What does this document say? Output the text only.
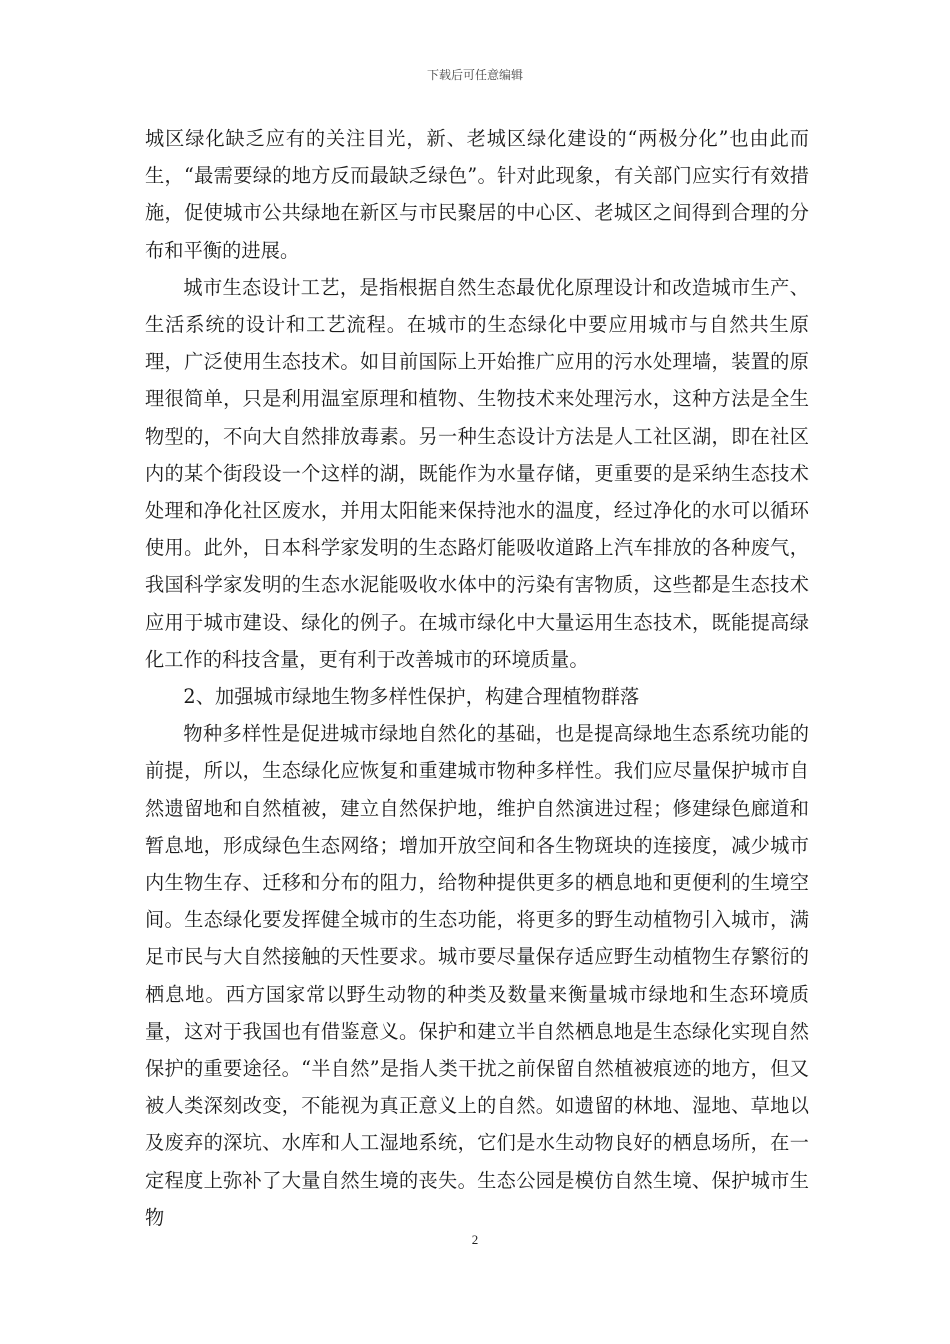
下载后可任意编辑

城区绿化缺乏应有的关注目光，新、老城区绿化建设的“两极分化”也由此而生，“最需要绿的地方反而最缺乏绿色”。针对此现象，有关部门应实行有效措施，促使城市公共绿地在新区与市民聚居的中心区、老城区之间得到合理的分布和平衡的进展。

城市生态设计工艺，是指根据自然生态最优化原理设计和改造城市生产、生活系统的设计和工艺流程。在城市的生态绿化中要应用城市与自然共生原理，广泛使用生态技术。如目前国际上开始推广应用的污水处理墙，装置的原理很简单，只是利用温室原理和植物、生物技术来处理污水，这种方法是全生物型的，不向大自然排放毒素。另一种生态设计方法是人工社区湖，即在社区内的某个街段设一个这样的湖，既能作为水量存储，更重要的是采纳生态技术处理和净化社区废水，并用太阳能来保持池水的温度，经过净化的水可以循环使用。此外，日本科学家发明的生态路灯能吸收道路上汽车排放的各种废气，我国科学家发明的生态水泥能吸收水体中的污染有害物质，这些都是生态技术应用于城市建设、绿化的例子。在城市绿化中大量运用生态技术，既能提高绿化工作的科技含量，更有利于改善城市的环境质量。

2、加强城市绿地生物多样性保护，构建合理植物群落

物种多样性是促进城市绿地自然化的基础，也是提高绿地生态系统功能的前提，所以，生态绿化应恢复和重建城市物种多样性。我们应尽量保护城市自然遗留地和自然植被，建立自然保护地，维护自然演进过程；修建绿色廊道和暂息地，形成绿色生态网络；增加开放空间和各生物斑块的连接度，减少城市内生物生存、迁移和分布的阻力，给物种提供更多的栖息地和更便利的生境空间。生态绿化要发挥健全城市的生态功能，将更多的野生动植物引入城市，满足市民与大自然接触的天性要求。城市要尽量保存适应野生动植物生存繁衍的栖息地。西方国家常以野生动物的种类及数量来衡量城市绿地和生态环境质量，这对于我国也有借鉴意义。保护和建立半自然栖息地是生态绿化实现自然保护的重要途径。“半自然”是指人类干扰之前保留自然植被痕迹的地方，但又被人类深刻改变，不能视为真正意义上的自然。如遗留的林地、湿地、草地以及废弃的深坑、水库和人工湿地系统，它们是水生动物良好的栖息场所，在一定程度上弥补了大量自然生境的丧失。生态公园是模仿自然生境、保护城市生物

2
